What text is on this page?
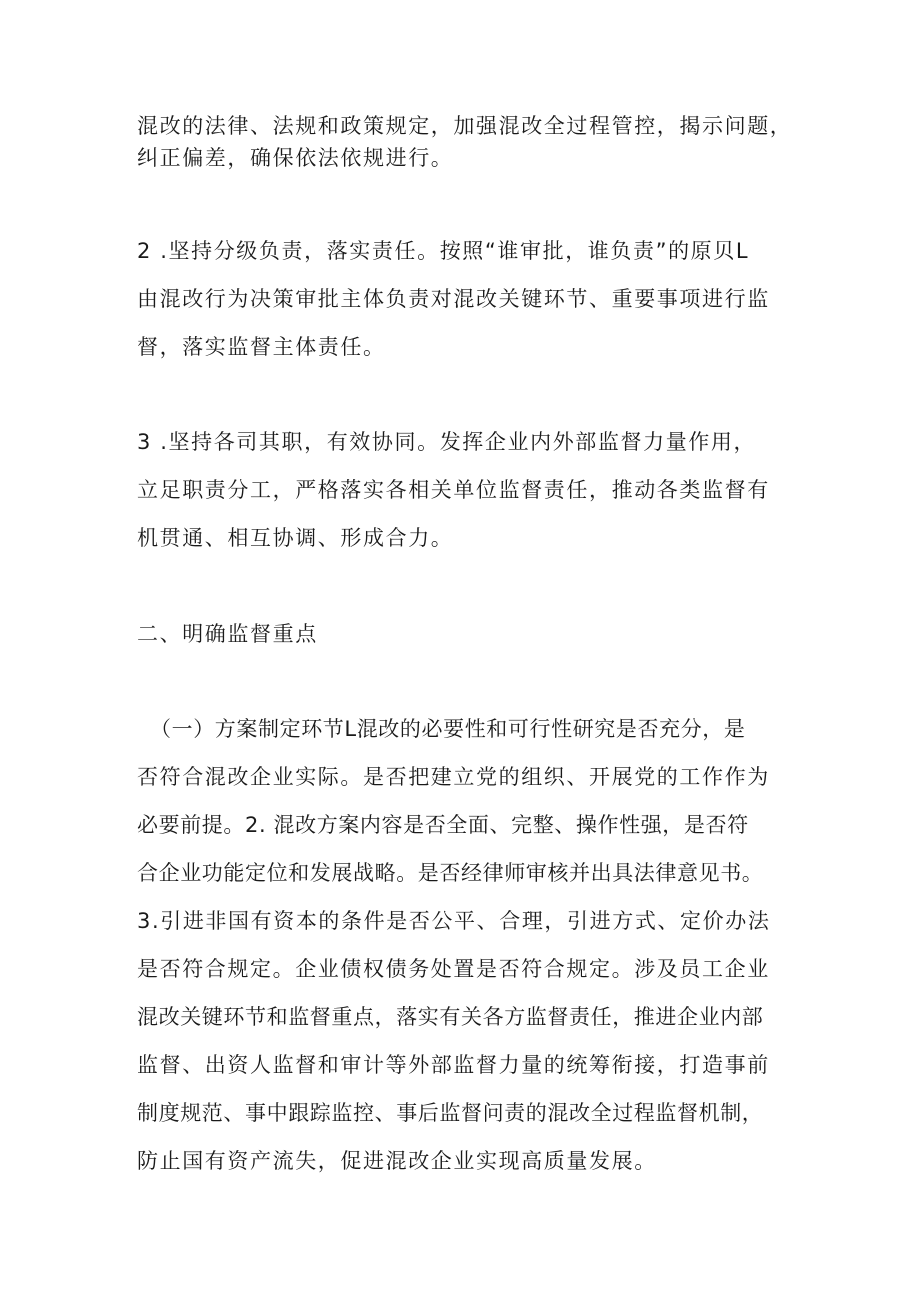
混改的法律、法规和政策规定，加强混改全过程管控，揭示问题，
纠正偏差，确保依法依规进行。
2 .坚持分级负责，落实责任。按照“谁审批，谁负责”的原贝L
由混改行为决策审批主体负责对混改关键环节、重要事项进行监
督，落实监督主体责任。
3 .坚持各司其职，有效协同。发挥企业内外部监督力量作用，
立足职责分工，严格落实各相关单位监督责任，推动各类监督有
机贯通、相互协调、形成合力。
二、明确监督重点
（一）方案制定环节L混改的必要性和可行性研究是否充分，是
否符合混改企业实际。是否把建立党的组织、开展党的工作作为
必要前提。2. 混改方案内容是否全面、完整、操作性强，是否符
合企业功能定位和发展战略。是否经律师审核并出具法律意见书。
3.引进非国有资本的条件是否公平、合理，引进方式、定价办法
是否符合规定。企业债权债务处置是否符合规定。涉及员工企业
混改关键环节和监督重点，落实有关各方监督责任，推进企业内部
监督、出资人监督和审计等外部监督力量的统筹衔接，打造事前
制度规范、事中跟踪监控、事后监督问责的混改全过程监督机制，
防止国有资产流失，促进混改企业实现高质量发展。
